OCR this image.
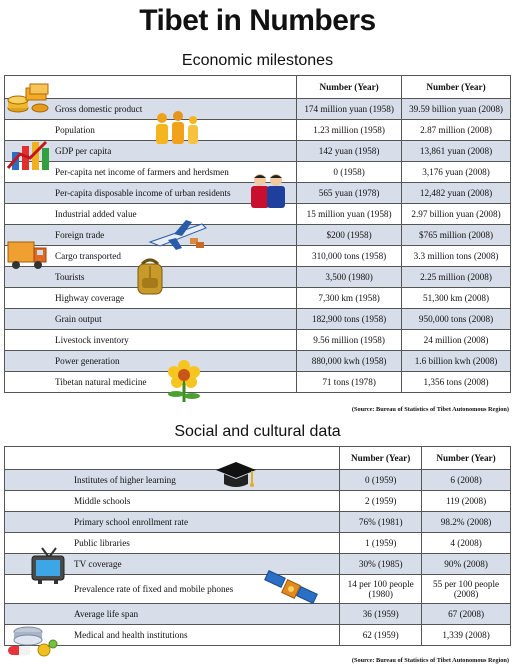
Tibet in Numbers
Economic milestones
	Number (Year)	Number (Year)
Gross domestic product	174 million yuan (1958)	39.59 billion yuan (2008)
Population	1.23 million (1958)	2.87 million (2008)
GDP per capita	142 yuan (1958)	13,861 yuan (2008)
Per-capita net income of farmers and herdsmen	0 (1958)	3,176 yuan (2008)
Per-capita disposable income of urban residents	565 yuan (1978)	12,482 yuan (2008)
Industrial added value	15 million yuan (1958)	2.97 billion yuan (2008)
Foreign trade	$200 (1958)	$765 million (2008)
Cargo transported	310,000 tons (1958)	3.3 million tons (2008)
Tourists	3,500 (1980)	2.25 million (2008)
Highway coverage	7,300 km (1958)	51,300 km (2008)
Grain output	182,900 tons (1958)	950,000 tons (2008)
Livestock inventory	9.56 million (1958)	24 million (2008)
Power generation	880,000 kwh (1958)	1.6 billion kwh (2008)
Tibetan natural medicine	71 tons (1978)	1,356 tons (2008)
(Source: Bureau of Statistics of Tibet Autonomous Region)
Social and cultural data
	Number (Year)	Number (Year)
Institutes of higher learning	0 (1959)	6 (2008)
Middle schools	2 (1959)	119 (2008)
Primary school enrollment rate	76% (1981)	98.2% (2008)
Public libraries	1 (1959)	4 (2008)
TV coverage	30% (1985)	90% (2008)
Prevalence rate of fixed and mobile phones	14 per 100 people (1980)	55 per 100 people (2008)
Average life span	36 (1959)	67 (2008)
Medical and health institutions	62 (1959)	1,339 (2008)
(Source: Bureau of Statistics of Tibet Autonomous Region)
